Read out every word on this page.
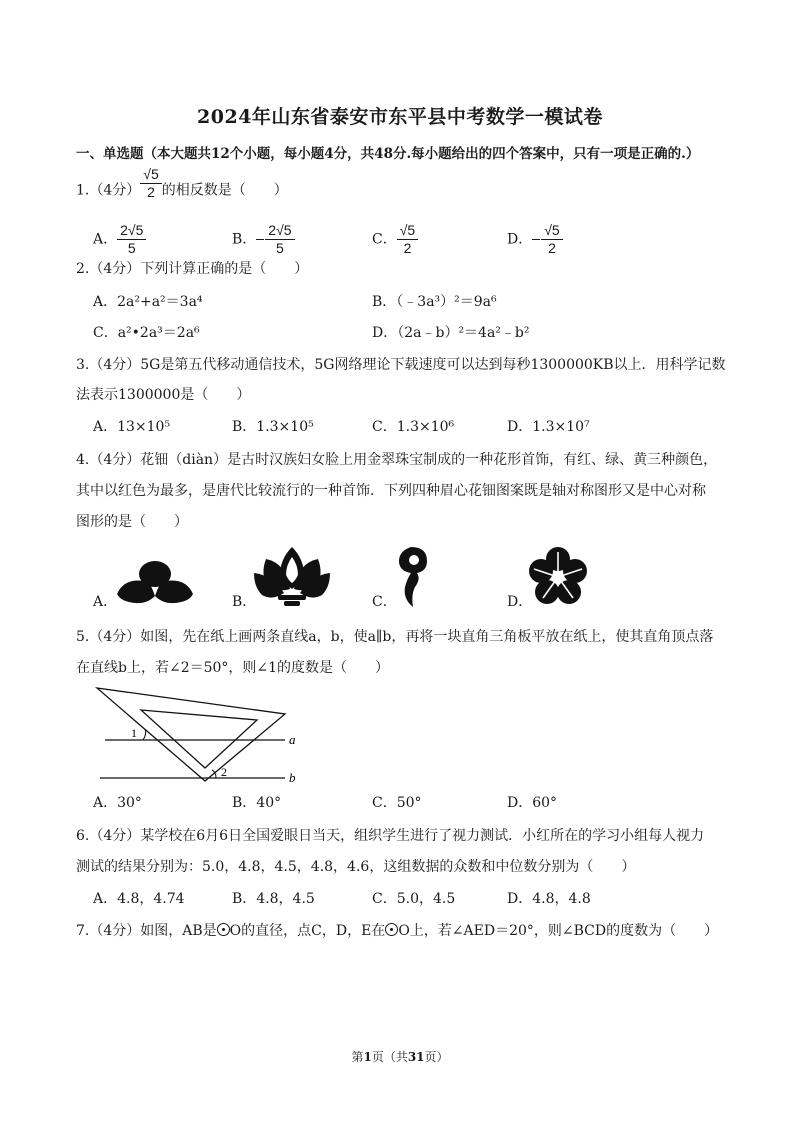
2024年山东省泰安市东平县中考数学一模试卷
一、单选题（本大题共12个小题，每小题4分，共48分.每小题给出的四个答案中，只有一项是正确的.）
1.（4分） $\frac{√5}{2}$ 的相反数是（　　）
A． $\frac{2√5}{5}$	B． $\frac{2√5}{5}$	C． $\frac{√5}{2}$	D． $\frac{√5}{2}$
2.（4分）下列计算正确的是（　　）
A．2a²+a²＝3a⁴	B．（﹣3a³）²＝9a⁶
C．a²•2a³＝2a⁶	D．（2a﹣b）²＝4a²﹣b²
3.（4分）5G是第五代移动通信技术，5G网络理论下载速度可以达到每秒1300000KB以上．用科学记数
法表示1300000是（　　）
A．13×10⁵	B．1.3×10⁵	C．1.3×10⁶	D．1.3×10⁷
4.（4分）花钿（diàn）是古时汉族妇女脸上用金翠珠宝制成的一种花形首饰，有红、绿、黄三种颜色，
其中以红色为最多，是唐代比较流行的一种首饰．下列四种眉心花钿图案既是轴对称图形又是中心对称
图形的是（　　）
A．	B．	C．	D．
5.（4分）如图，先在纸上画两条直线a，b，使a∥b，再将一块直角三角板平放在纸上，使其直角顶点落
在直线b上，若∠2＝50°，则∠1的度数是（　　）
1
2
a
b
A．30°	B．40°	C．50°	D．60°
6.（4分）某学校在6月6日全国爱眼日当天，组织学生进行了视力测试．小红所在的学习小组每人视力
测试的结果分别为：5.0，4.8，4.5，4.8，4.6，这组数据的众数和中位数分别为（　　）
A．4.8，4.74	B．4.8，4.5	C．5.0，4.5	D．4.8，4.8
7.（4分）如图，AB是 O的直径，点C，D，E在 O上，若∠AED＝20°，则∠BCD的度数为（　　）
第1页（共31页）
